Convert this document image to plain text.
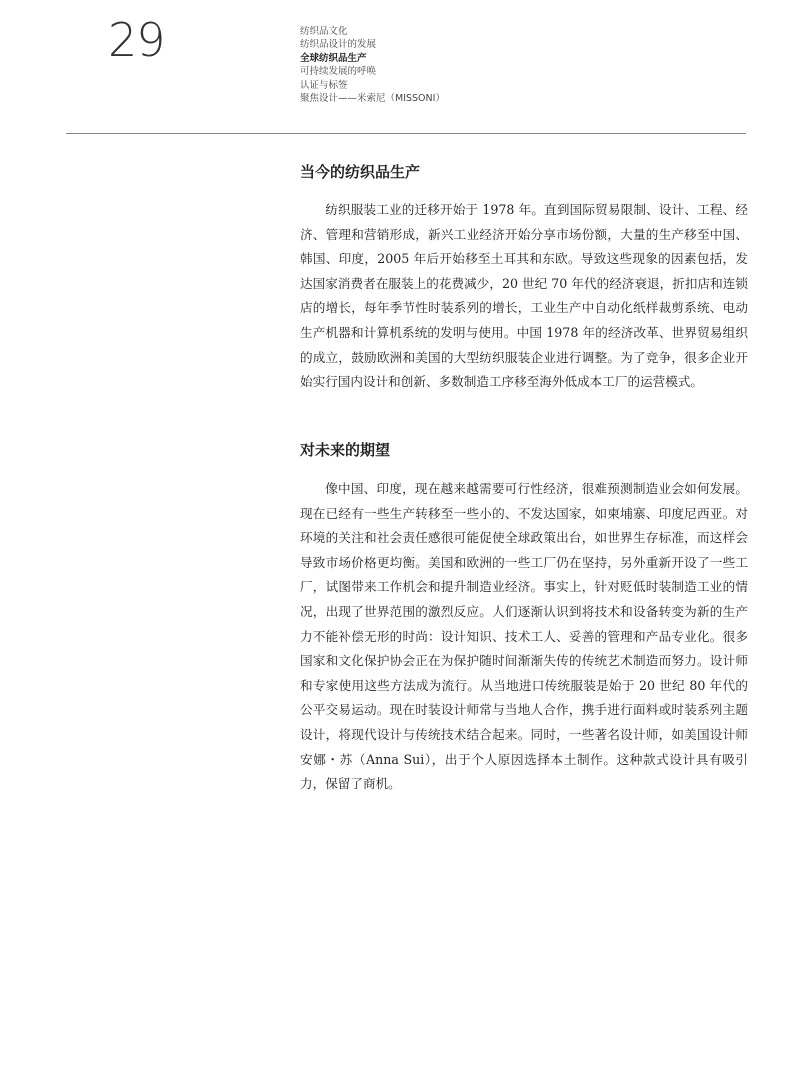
29	纺织品文化
纺织品设计的发展
全球纺织品生产
可持续发展的呼唤
认证与标签
聚焦设计——米索尼（MISSONI）
当今的纺织品生产

纺织服装工业的迁移开始于 1978 年。直到国际贸易限制、设计、工程、经济、管理和营销形成，新兴工业经济开始分享市场份额，大量的生产移至中国、韩国、印度，2005 年后开始移至土耳其和东欧。导致这些现象的因素包括，发达国家消费者在服装上的花费减少，20 世纪 70 年代的经济衰退，折扣店和连锁店的增长，每年季节性时装系列的增长，工业生产中自动化纸样裁剪系统、电动生产机器和计算机系统的发明与使用。中国 1978 年的经济改革、世界贸易组织的成立，鼓励欧洲和美国的大型纺织服装企业进行调整。为了竞争，很多企业开始实行国内设计和创新、多数制造工序移至海外低成本工厂的运营模式。

对未来的期望

像中国、印度，现在越来越需要可行性经济，很难预测制造业会如何发展。现在已经有一些生产转移至一些小的、不发达国家，如柬埔寨、印度尼西亚。对环境的关注和社会责任感很可能促使全球政策出台，如世界生存标准，而这样会导致市场价格更均衡。美国和欧洲的一些工厂仍在坚持，另外重新开设了一些工厂，试图带来工作机会和提升制造业经济。事实上，针对贬低时装制造工业的情况，出现了世界范围的激烈反应。人们逐渐认识到将技术和设备转变为新的生产力不能补偿无形的时尚：设计知识、技术工人、妥善的管理和产品专业化。很多国家和文化保护协会正在为保护随时间渐渐失传的传统艺术制造而努力。设计师和专家使用这些方法成为流行。从当地进口传统服装是始于 20 世纪 80 年代的公平交易运动。现在时装设计师常与当地人合作，携手进行面料或时装系列主题设计，将现代设计与传统技术结合起来。同时，一些著名设计师，如美国设计师安娜・苏（Anna Sui），出于个人原因选择本土制作。这种款式设计具有吸引力，保留了商机。
